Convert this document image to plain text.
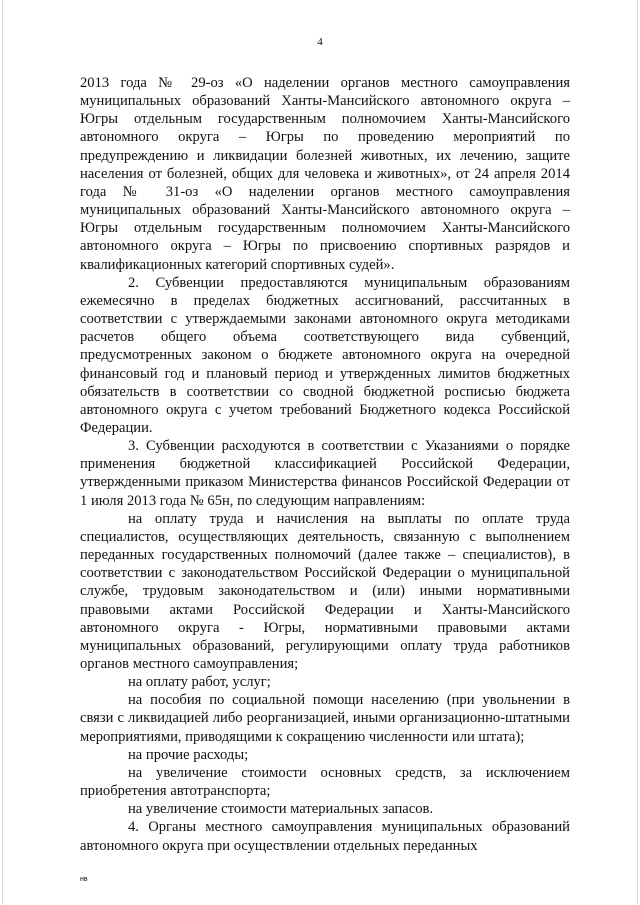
4

2013 года № 29-оз «О наделении органов местного самоуправления муниципальных образований Ханты-Мансийского автономного округа – Югры отдельным государственным полномочием Ханты-Мансийского автономного округа – Югры по проведению мероприятий по предупреждению и ликвидации болезней животных, их лечению, защите населения от болезней, общих для человека и животных», от 24 апреля 2014 года № 31-оз «О наделении органов местного самоуправления муниципальных образований Ханты-Мансийского автономного округа – Югры отдельным государственным полномочием Ханты-Мансийского автономного округа – Югры по присвоению спортивных разрядов и квалификационных категорий спортивных судей».

2. Субвенции предоставляются муниципальным образованиям ежемесячно в пределах бюджетных ассигнований, рассчитанных в соответствии с утверждаемыми законами автономного округа методиками расчетов общего объема соответствующего вида субвенций, предусмотренных законом о бюджете автономного округа на очередной финансовый год и плановый период и утвержденных лимитов бюджетных обязательств в соответствии со сводной бюджетной росписью бюджета автономного округа с учетом требований Бюджетного кодекса Российской Федерации.

3. Субвенции расходуются в соответствии с Указаниями о порядке применения бюджетной классификацией Российской Федерации, утвержденными приказом Министерства финансов Российской Федерации от 1 июля 2013 года № 65н, по следующим направлениям:

на оплату труда и начисления на выплаты по оплате труда специалистов, осуществляющих деятельность, связанную с выполнением переданных государственных полномочий (далее также – специалистов), в соответствии с законодательством Российской Федерации о муниципальной службе, трудовым законодательством и (или) иными нормативными правовыми актами Российской Федерации и Ханты-Мансийского автономного округа - Югры, нормативными правовыми актами муниципальных образований, регулирующими оплату труда работников органов местного самоуправления;

на оплату работ, услуг;

на пособия по социальной помощи населению (при увольнении в связи с ликвидацией либо реорганизацией, иными организационно-штатными мероприятиями, приводящими к сокращению численности или штата);

на прочие расходы;

на увеличение стоимости основных средств, за исключением приобретения автотранспорта;

на увеличение стоимости материальных запасов.

4. Органы местного самоуправления муниципальных образований автономного округа при осуществлении отдельных переданных

нв
